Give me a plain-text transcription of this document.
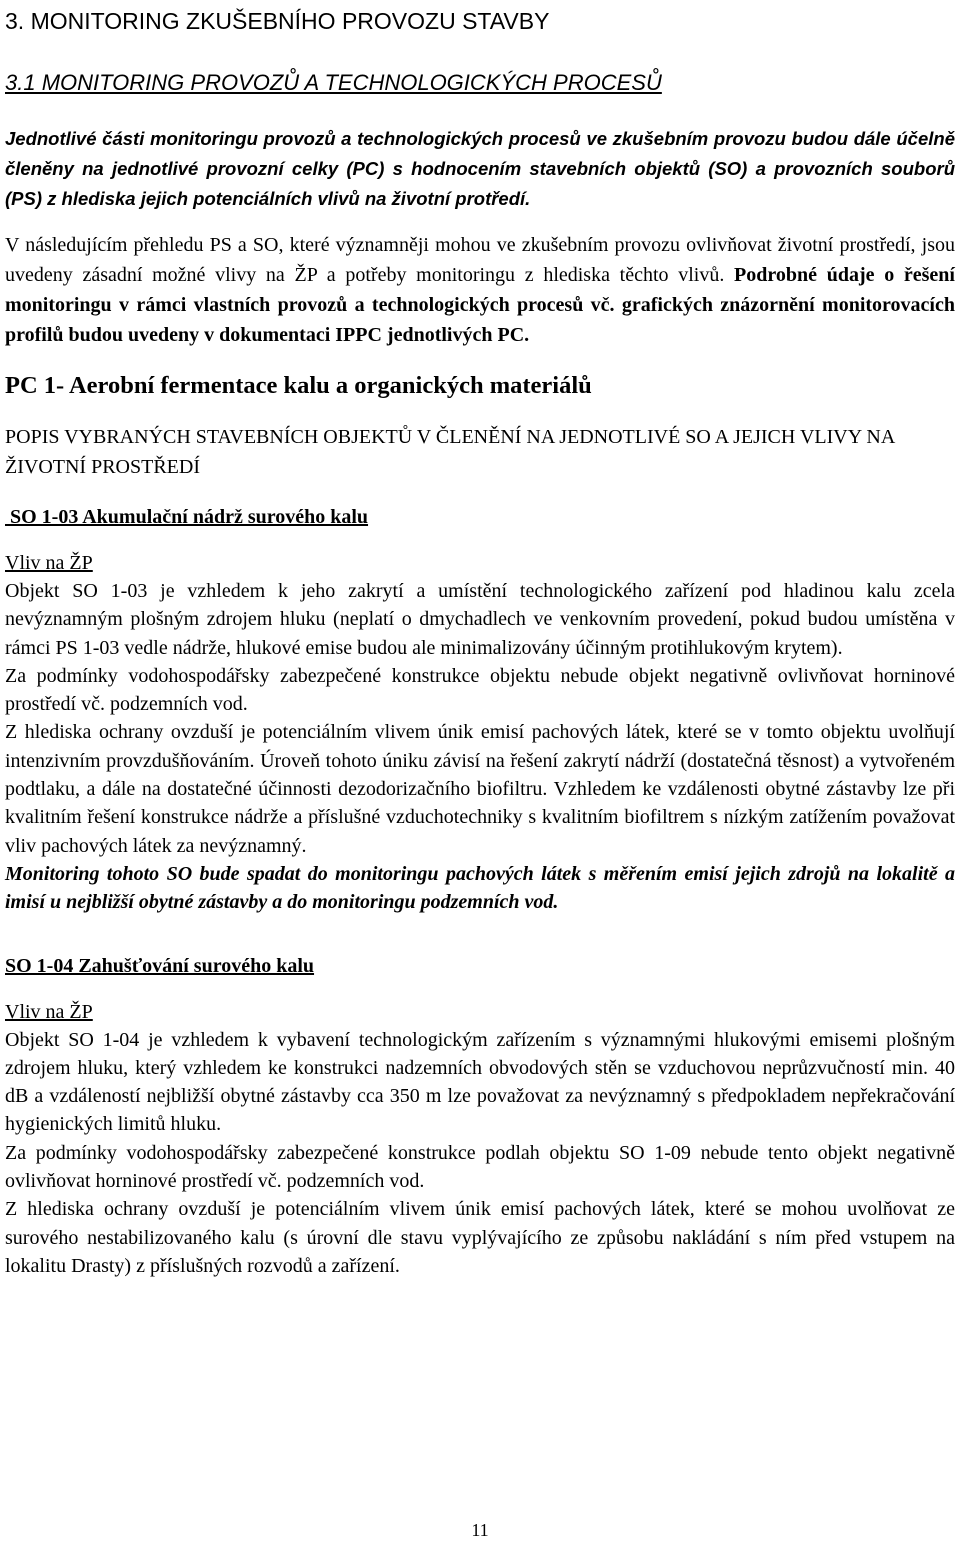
3. MONITORING ZKUŠEBNÍHO PROVOZU STAVBY
3.1 MONITORING PROVOZŮ A TECHNOLOGICKÝCH PROCESŮ

Jednotlivé části monitoringu provozů a technologických procesů ve zkušebním provozu budou dále účelně členěny na jednotlivé provozní celky (PC) s hodnocením stavebních objektů (SO) a provozních souborů (PS) z hlediska jejich potenciálních vlivů na životní protředí.

V následujícím přehledu PS a SO, které významněji mohou ve zkušebním provozu ovlivňovat životní prostředí, jsou uvedeny zásadní možné vlivy na ŽP a potřeby monitoringu z hlediska těchto vlivů. Podrobné údaje o řešení monitoringu v rámci vlastních provozů a technologických procesů vč. grafických znázornění monitorovacích profilů budou uvedeny v dokumentaci IPPC jednotlivých PC.

PC 1- Aerobní fermentace kalu a organických materiálů
POPIS VYBRANÝCH STAVEBNÍCH OBJEKTŮ V ČLENĚNÍ NA JEDNOTLIVÉ SO A JEJICH VLIVY NA ŽIVOTNÍ PROSTŘEDÍ
SO 1-03 Akumulační nádrž surového kalu
Vliv na ŽP

Objekt SO 1-03 je vzhledem k jeho zakrytí a umístění technologického zařízení pod hladinou kalu zcela nevýznamným plošným zdrojem hluku (neplatí o dmychadlech ve venkovním provedení, pokud budou umístěna v rámci PS 1-03 vedle nádrže, hlukové emise budou ale minimalizovány účinným protihlukovým krytem).

Za podmínky vodohospodářsky zabezpečené konstrukce objektu nebude objekt negativně ovlivňovat horninové prostředí vč. podzemních vod.

Z hlediska ochrany ovzduší je potenciálním vlivem únik emisí pachových látek, které se v tomto objektu uvolňují intenzivním provzdušňováním. Úroveň tohoto úniku závisí na řešení zakrytí nádrží (dostatečná těsnost) a vytvořeném podtlaku, a dále na dostatečné účinnosti dezodorizačního biofiltru. Vzhledem ke vzdálenosti obytné zástavby lze při kvalitním řešení konstrukce nádrže a příslušné vzduchotechniky s kvalitním biofiltrem s nízkým zatížením považovat vliv pachových látek za nevýznamný.

Monitoring tohoto SO bude spadat do monitoringu pachových látek s měřením emisí jejich zdrojů na lokalitě a imisí u nejbližší obytné zástavby a do monitoringu podzemních vod.

SO 1-04 Zahušťování surového kalu
Vliv na ŽP

Objekt SO 1-04 je vzhledem k vybavení technologickým zařízením s významnými hlukovými emisemi plošným zdrojem hluku, který vzhledem ke konstrukci nadzemních obvodových stěn se vzduchovou neprůzvučností min. 40 dB a vzdáleností nejbližší obytné zástavby cca 350 m lze považovat za nevýznamný s předpokladem nepřekračování hygienických limitů hluku.

Za podmínky vodohospodářsky zabezpečené konstrukce podlah objektu SO 1-09 nebude tento objekt negativně ovlivňovat horninové prostředí vč. podzemních vod.

Z hlediska ochrany ovzduší je potenciálním vlivem únik emisí pachových látek, které se mohou uvolňovat ze surového nestabilizovaného kalu (s úrovní dle stavu vyplývajícího ze způsobu nakládání s ním před vstupem na lokalitu Drasty) z příslušných rozvodů a zařízení.

11
